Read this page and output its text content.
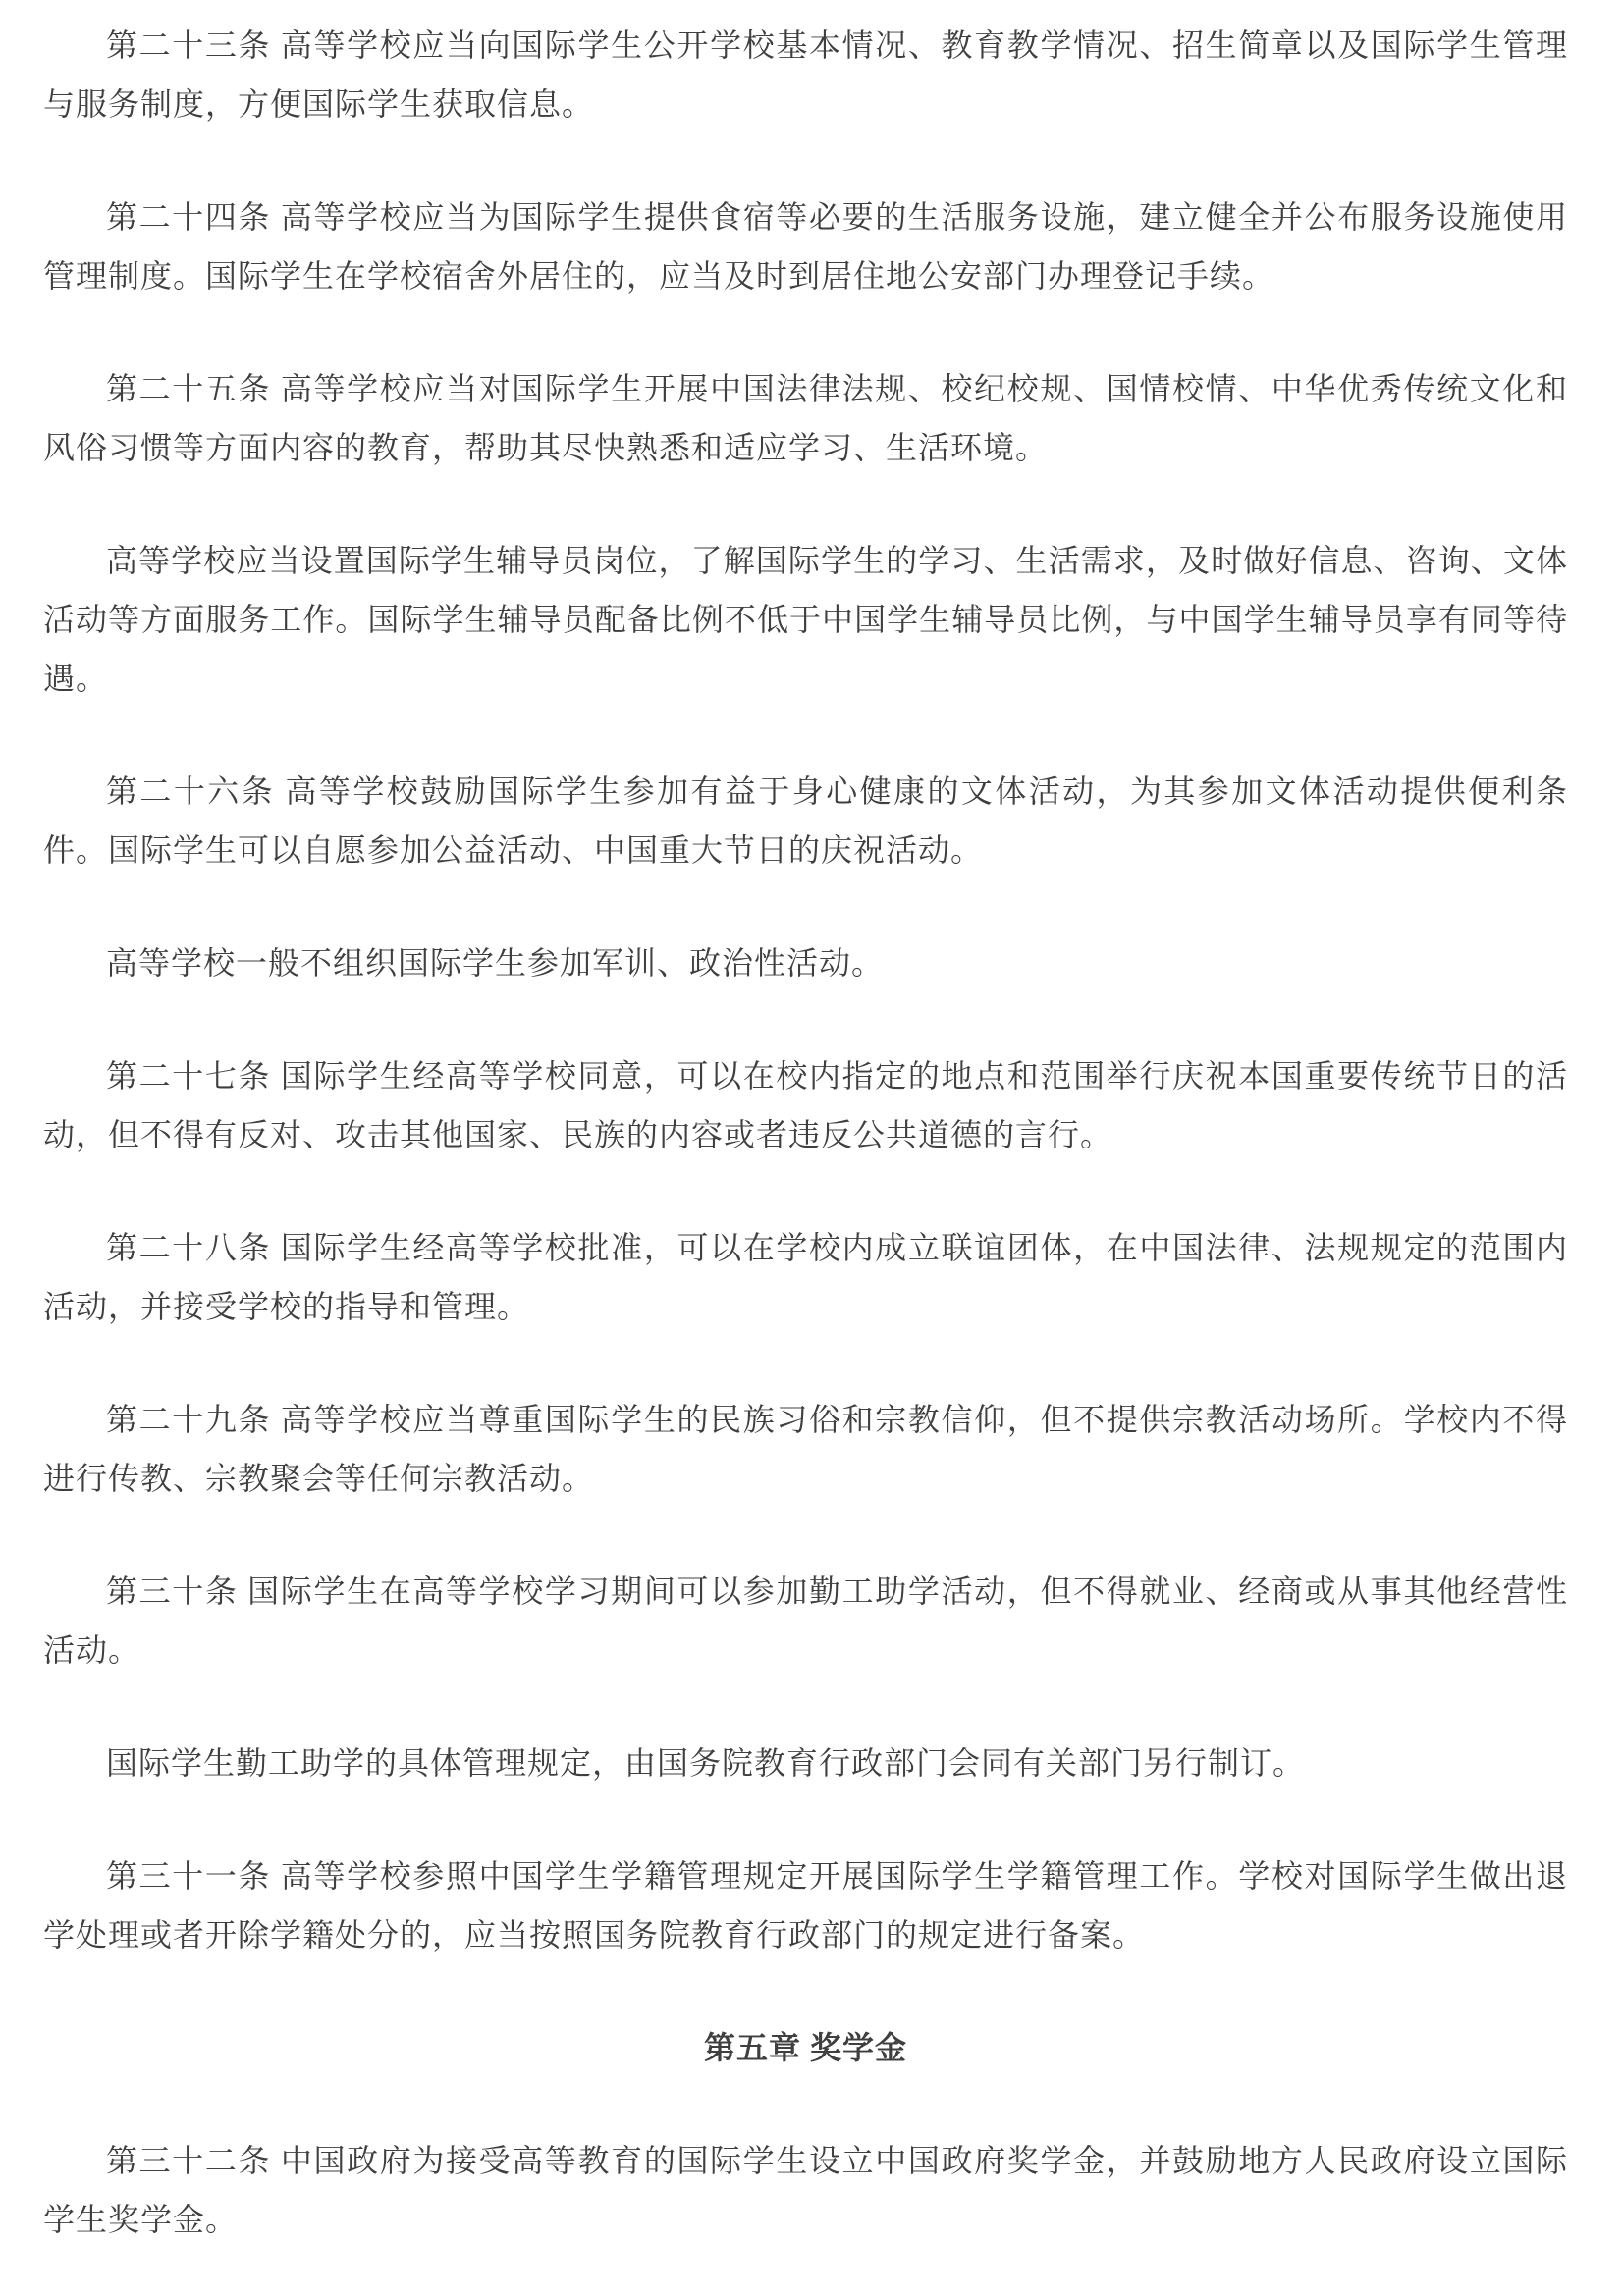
第二十三条 高等学校应当向国际学生公开学校基本情况、教育教学情况、招生简章以及国际学生管理与服务制度，方便国际学生获取信息。

第二十四条 高等学校应当为国际学生提供食宿等必要的生活服务设施，建立健全并公布服务设施使用管理制度。国际学生在学校宿舍外居住的，应当及时到居住地公安部门办理登记手续。

第二十五条 高等学校应当对国际学生开展中国法律法规、校纪校规、国情校情、中华优秀传统文化和风俗习惯等方面内容的教育，帮助其尽快熟悉和适应学习、生活环境。

高等学校应当设置国际学生辅导员岗位，了解国际学生的学习、生活需求，及时做好信息、咨询、文体活动等方面服务工作。国际学生辅导员配备比例不低于中国学生辅导员比例，与中国学生辅导员享有同等待遇。

第二十六条 高等学校鼓励国际学生参加有益于身心健康的文体活动，为其参加文体活动提供便利条件。国际学生可以自愿参加公益活动、中国重大节日的庆祝活动。

高等学校一般不组织国际学生参加军训、政治性活动。

第二十七条 国际学生经高等学校同意，可以在校内指定的地点和范围举行庆祝本国重要传统节日的活动，但不得有反对、攻击其他国家、民族的内容或者违反公共道德的言行。

第二十八条 国际学生经高等学校批准，可以在学校内成立联谊团体，在中国法律、法规规定的范围内活动，并接受学校的指导和管理。

第二十九条 高等学校应当尊重国际学生的民族习俗和宗教信仰，但不提供宗教活动场所。学校内不得进行传教、宗教聚会等任何宗教活动。

第三十条 国际学生在高等学校学习期间可以参加勤工助学活动，但不得就业、经商或从事其他经营性活动。

国际学生勤工助学的具体管理规定，由国务院教育行政部门会同有关部门另行制订。

第三十一条 高等学校参照中国学生学籍管理规定开展国际学生学籍管理工作。学校对国际学生做出退学处理或者开除学籍处分的，应当按照国务院教育行政部门的规定进行备案。

第五章 奖学金

第三十二条 中国政府为接受高等教育的国际学生设立中国政府奖学金，并鼓励地方人民政府设立国际学生奖学金。
